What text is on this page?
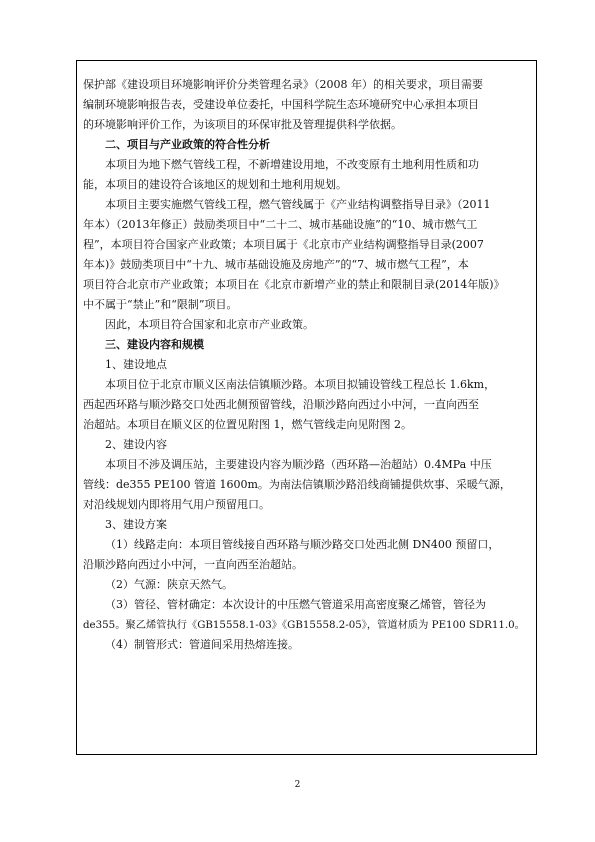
保护部《建设项目环境影响评价分类管理名录》（2008 年）的相关要求，项目需要

编制环境影响报告表，受建设单位委托，中国科学院生态环境研究中心承担本项目

的环境影响评价工作，为该项目的环保审批及管理提供科学依据。

二、项目与产业政策的符合性分析

本项目为地下燃气管线工程，不新增建设用地，不改变原有土地利用性质和功

能，本项目的建设符合该地区的规划和土地利用规划。

本项目主要实施燃气管线工程，燃气管线属于《产业结构调整指导目录》（2011

年本）（2013年修正）鼓励类项目中“二十二、城市基础设施”的“10、城市燃气工

程”，本项目符合国家产业政策；本项目属于《北京市产业结构调整指导目录(2007

年本)》鼓励类项目中“十九、城市基础设施及房地产”的“7、城市燃气工程”，本

项目符合北京市产业政策；本项目在《北京市新增产业的禁止和限制目录(2014年版)》

中不属于“禁止”和“限制”项目。

因此，本项目符合国家和北京市产业政策。

三、建设内容和规模

1、建设地点

本项目位于北京市顺义区南法信镇顺沙路。本项目拟铺设管线工程总长 1.6km，

西起西环路与顺沙路交口处西北侧预留管线，沿顺沙路向西过小中河，一直向西至

治超站。本项目在顺义区的位置见附图 1，燃气管线走向见附图 2。

2、建设内容

本项目不涉及调压站，主要建设内容为顺沙路（西环路—治超站）0.4MPa 中压

管线：de355 PE100 管道 1600m。为南法信镇顺沙路沿线商铺提供炊事、采暖气源，

对沿线规划内即将用气用户预留甩口。

3、建设方案

（1）线路走向：本项目管线接自西环路与顺沙路交口处西北侧 DN400 预留口，

沿顺沙路向西过小中河，一直向西至治超站。

（2）气源：陕京天然气。

（3）管径、管材确定：本次设计的中压燃气管道采用高密度聚乙烯管，管径为

de355。聚乙烯管执行《GB15558.1-03》《GB15558.2-05》，管道材质为 PE100 SDR11.0。

（4）制管形式：管道间采用热熔连接。

2
